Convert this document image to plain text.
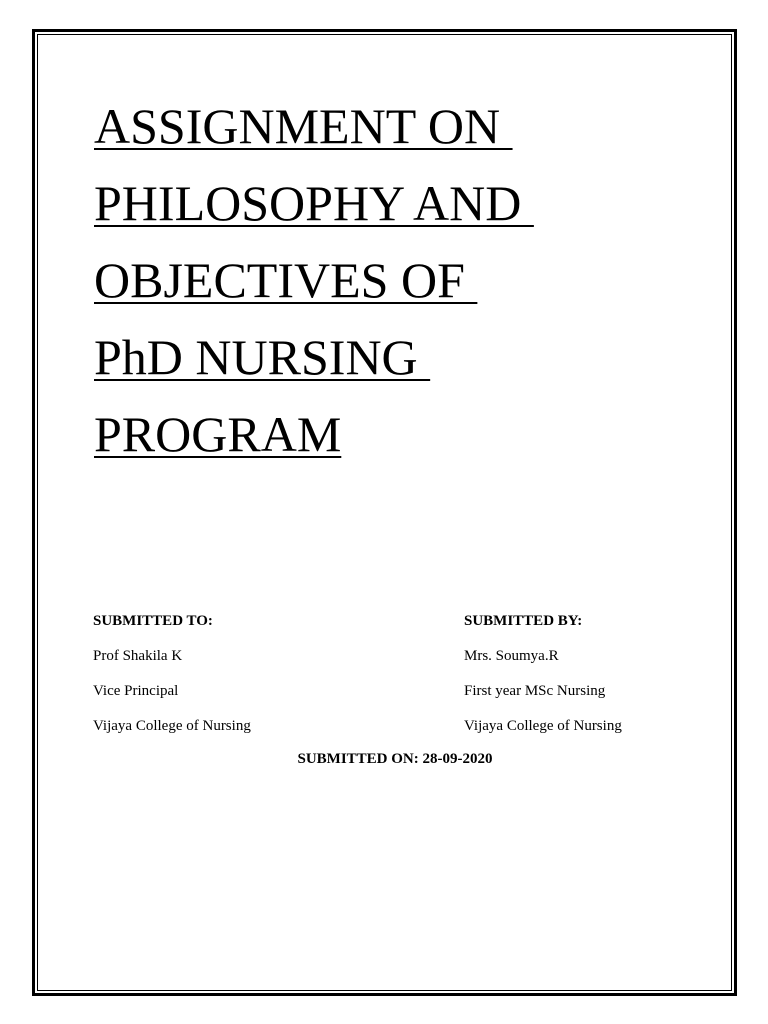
ASSIGNMENT ON
PHILOSOPHY AND
OBJECTIVES OF
PhD NURSING
PROGRAM
SUBMITTED TO:
Prof Shakila K
Vice Principal
Vijaya College of Nursing
SUBMITTED BY:
Mrs. Soumya.R
First year MSc Nursing
Vijaya College of Nursing
SUBMITTED ON: 28-09-2020
